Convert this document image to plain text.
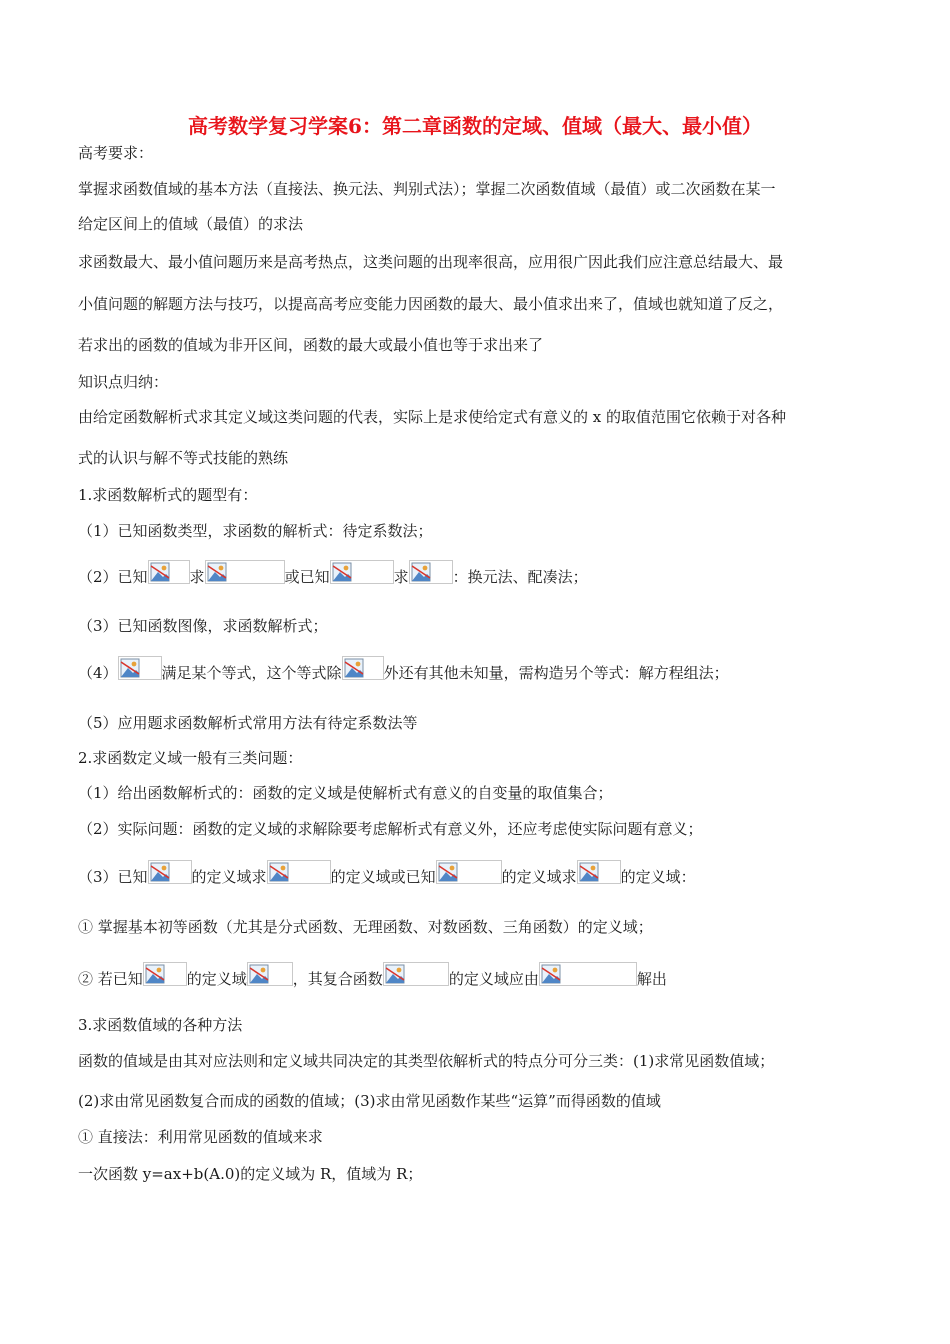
高考数学复习学案6：第二章函数的定域、值域（最大、最小值）
高考要求：
掌握求函数值域的基本方法（直接法、换元法、判别式法）；掌握二次函数值域（最值）或二次函数在某一
给定区间上的值域（最值）的求法
求函数最大、最小值问题历来是高考热点，这类问题的出现率很高，应用很广因此我们应注意总结最大、最
小值问题的解题方法与技巧，以提高高考应变能力因函数的最大、最小值求出来了，值域也就知道了反之，
若求出的函数的值域为非开区间，函数的最大或最小值也等于求出来了
知识点归纳：
由给定函数解析式求其定义域这类问题的代表，实际上是求使给定式有意义的 x 的取值范围它依赖于对各种
式的认识与解不等式技能的熟练
1.求函数解析式的题型有：
（1）已知函数类型，求函数的解析式：待定系数法；
（2）已知	求	或已知	求	：换元法、配凑法；
（3）已知函数图像，求函数解析式；
（4）	满足某个等式，这个等式除	外还有其他未知量，需构造另个等式：解方程组法；
（5）应用题求函数解析式常用方法有待定系数法等
2.求函数定义域一般有三类问题：
（1）给出函数解析式的：函数的定义域是使解析式有意义的自变量的取值集合；
（2）实际问题：函数的定义域的求解除要考虑解析式有意义外，还应考虑使实际问题有意义；
（3）已知	的定义域求	的定义域或已知	的定义域求	的定义域：
① 掌握基本初等函数（尤其是分式函数、无理函数、对数函数、三角函数）的定义域；
② 若已知	的定义域	，其复合函数	的定义域应由	解出
3.求函数值域的各种方法
函数的值域是由其对应法则和定义域共同决定的其类型依解析式的特点分可分三类：(1)求常见函数值域；
(2)求由常见函数复合而成的函数的值域；(3)求由常见函数作某些“运算”而得函数的值域
① 直接法：利用常见函数的值域来求
一次函数 y=ax+b(A.0)的定义域为 R，值域为 R；
